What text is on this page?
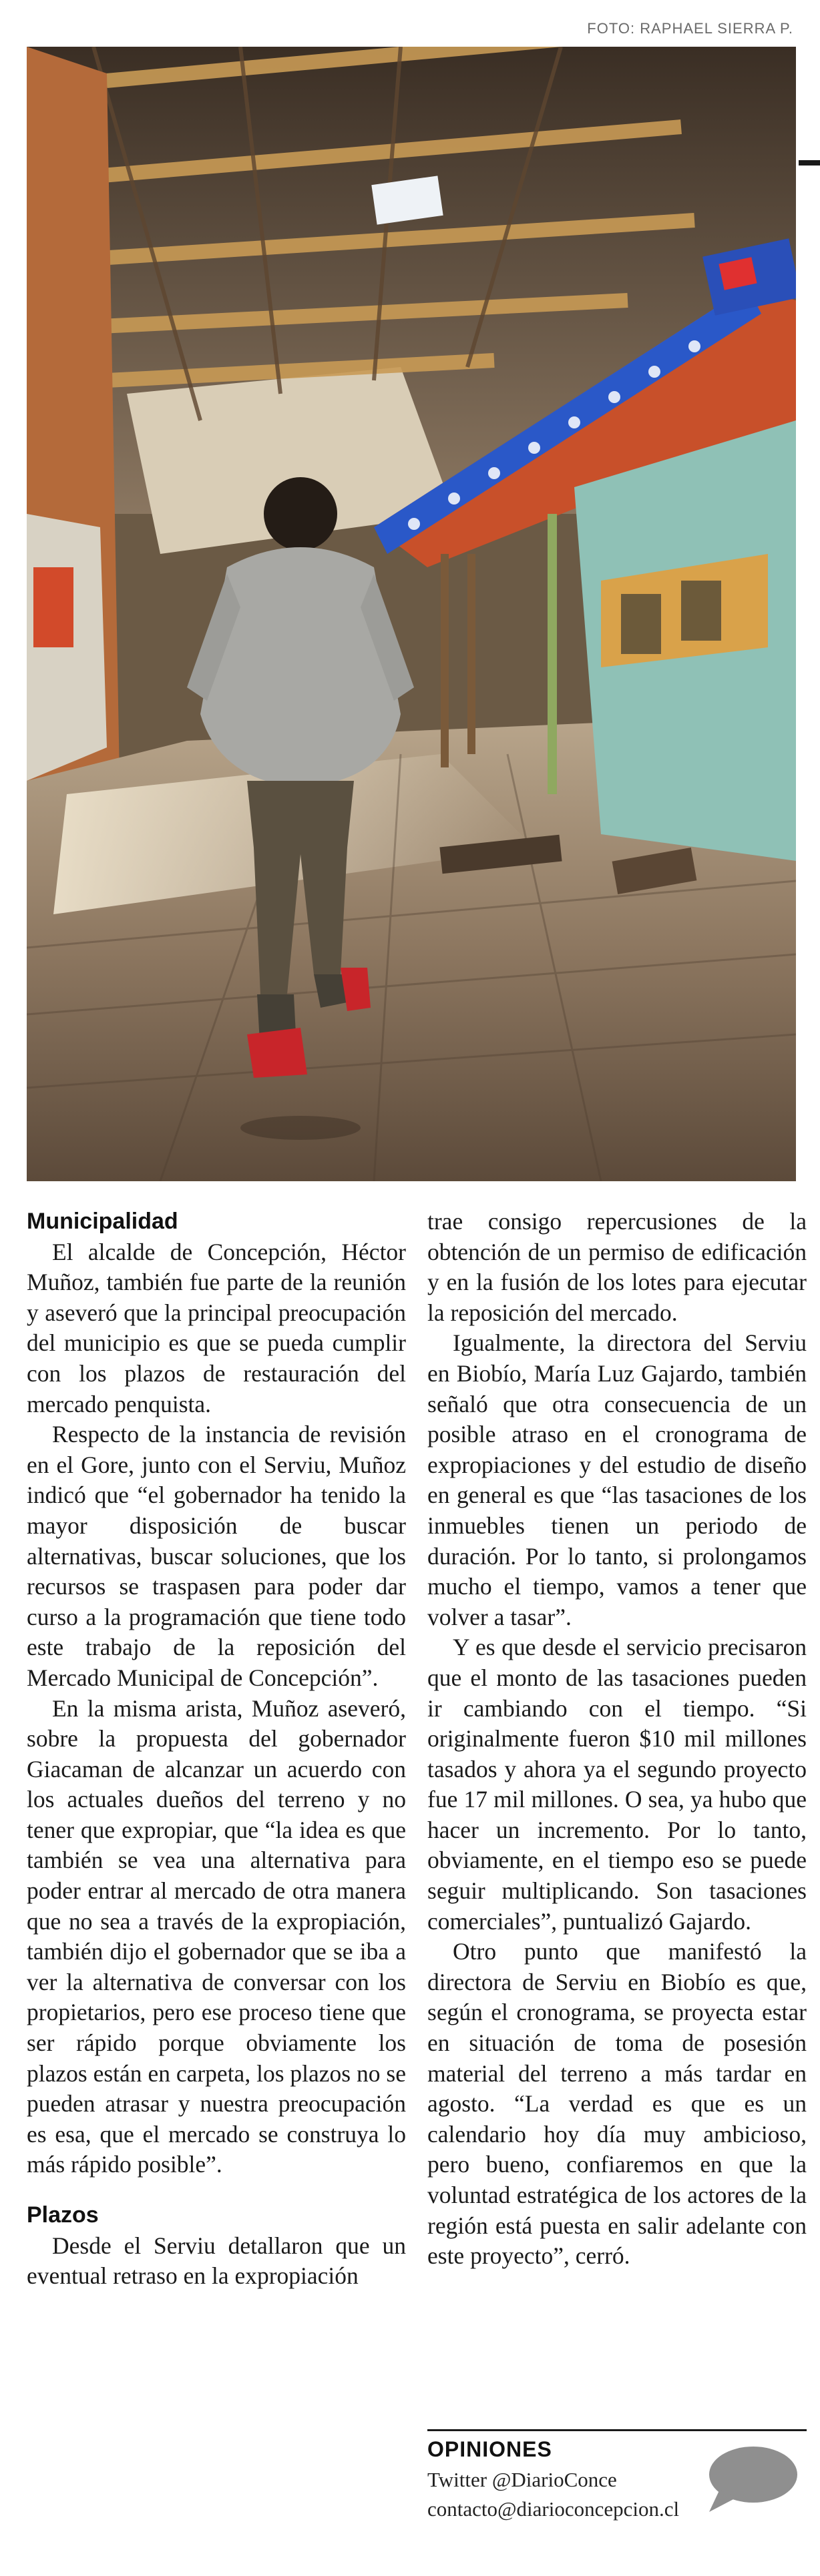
FOTO: RAPHAEL SIERRA P.
Municipalidad

El alcalde de Concepción, Héctor Muñoz, también fue parte de la reunión y aseveró que la principal preocupación del municipio es que se pueda cumplir con los plazos de restauración del mercado penquista.

Respecto de la instancia de revisión en el Gore, junto con el Serviu, Muñoz indicó que “el gobernador ha tenido la mayor disposición de buscar alternativas, buscar soluciones, que los recursos se traspasen para poder dar curso a la programación que tiene todo este trabajo de la reposición del Mercado Municipal de Concepción”.

En la misma arista, Muñoz aseveró, sobre la propuesta del gobernador Giacaman de alcanzar un acuerdo con los actuales dueños del terreno y no tener que expropiar, que “la idea es que también se vea una alternativa para poder entrar al mercado de otra manera que no sea a través de la expropiación, también dijo el gobernador que se iba a ver la alternativa de conversar con los propietarios, pero ese proceso tiene que ser rápido porque obviamente los plazos están en carpeta, los plazos no se pueden atrasar y nuestra preocupación es esa, que el mercado se construya lo más rápido posible”.

Plazos

Desde el Serviu detallaron que un eventual retraso en la expropiación

trae consigo repercusiones de la obtención de un permiso de edificación y en la fusión de los lotes para ejecutar la reposición del mercado.

Igualmente, la directora del Serviu en Biobío, María Luz Gajardo, también señaló que otra consecuencia de un posible atraso en el cronograma de expropiaciones y del estudio de diseño en general es que “las tasaciones de los inmuebles tienen un periodo de duración. Por lo tanto, si prolongamos mucho el tiempo, vamos a tener que volver a tasar”.

Y es que desde el servicio precisaron que el monto de las tasaciones pueden ir cambiando con el tiempo. “Si originalmente fueron $10 mil millones tasados y ahora ya el segundo proyecto fue 17 mil millones. O sea, ya hubo que hacer un incremento. Por lo tanto, obviamente, en el tiempo eso se puede seguir multiplicando. Son tasaciones comerciales”, puntualizó Gajardo.

Otro punto que manifestó la directora de Serviu en Biobío es que, según el cronograma, se proyecta estar en situación de toma de posesión material del terreno a más tardar en agosto. “La verdad es que es un calendario hoy día muy ambicioso, pero bueno, confiaremos en que la voluntad estratégica de los actores de la región está puesta en salir adelante con este proyecto”, cerró.

OPINIONES
Twitter @DiarioConce
contacto@diarioconcepcion.cl
